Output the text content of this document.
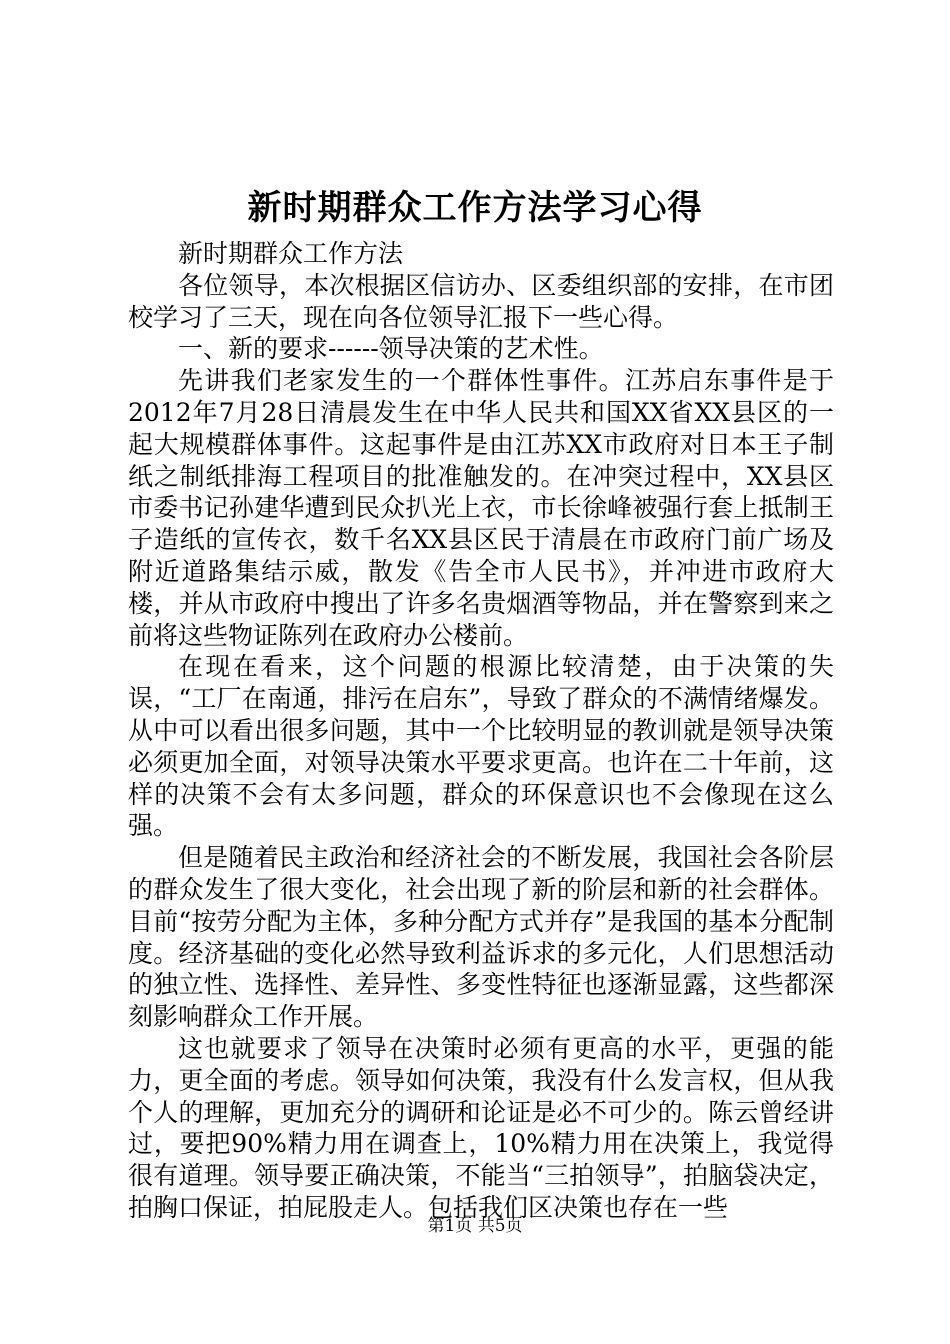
新时期群众工作方法学习心得

新时期群众工作方法

各位领导，本次根据区信访办、区委组织部的安排，在市团校学习了三天，现在向各位领导汇报下一些心得。

一、新的要求------领导决策的艺术性。

先讲我们老家发生的一个群体性事件。江苏启东事件是于2012年7月28日清晨发生在中华人民共和国XX省XX县区的一起大规模群体事件。这起事件是由江苏XX市政府对日本王子制纸之制纸排海工程项目的批准触发的。在冲突过程中，XX县区市委书记孙建华遭到民众扒光上衣，市长徐峰被强行套上抵制王子造纸的宣传衣，数千名XX县区民于清晨在市政府门前广场及附近道路集结示威，散发《告全市人民书》，并冲进市政府大楼，并从市政府中搜出了许多名贵烟酒等物品，并在警察到来之前将这些物证陈列在政府办公楼前。

在现在看来，这个问题的根源比较清楚，由于决策的失误，“工厂在南通，排污在启东”，导致了群众的不满情绪爆发。从中可以看出很多问题，其中一个比较明显的教训就是领导决策必须更加全面，对领导决策水平要求更高。也许在二十年前，这样的决策不会有太多问题，群众的环保意识也不会像现在这么强。

但是随着民主政治和经济社会的不断发展，我国社会各阶层的群众发生了很大变化，社会出现了新的阶层和新的社会群体。目前“按劳分配为主体，多种分配方式并存”是我国的基本分配制度。经济基础的变化必然导致利益诉求的多元化，人们思想活动的独立性、选择性、差异性、多变性特征也逐渐显露，这些都深刻影响群众工作开展。

这也就要求了领导在决策时必须有更高的水平，更强的能力，更全面的考虑。领导如何决策，我没有什么发言权，但从我个人的理解，更加充分的调研和论证是必不可少的。陈云曾经讲过，要把90%精力用在调查上，10%精力用在决策上，我觉得很有道理。领导要正确决策，不能当“三拍领导”，拍脑袋决定，拍胸口保证，拍屁股走人。包括我们区决策也存在一些

第1页 共5页
